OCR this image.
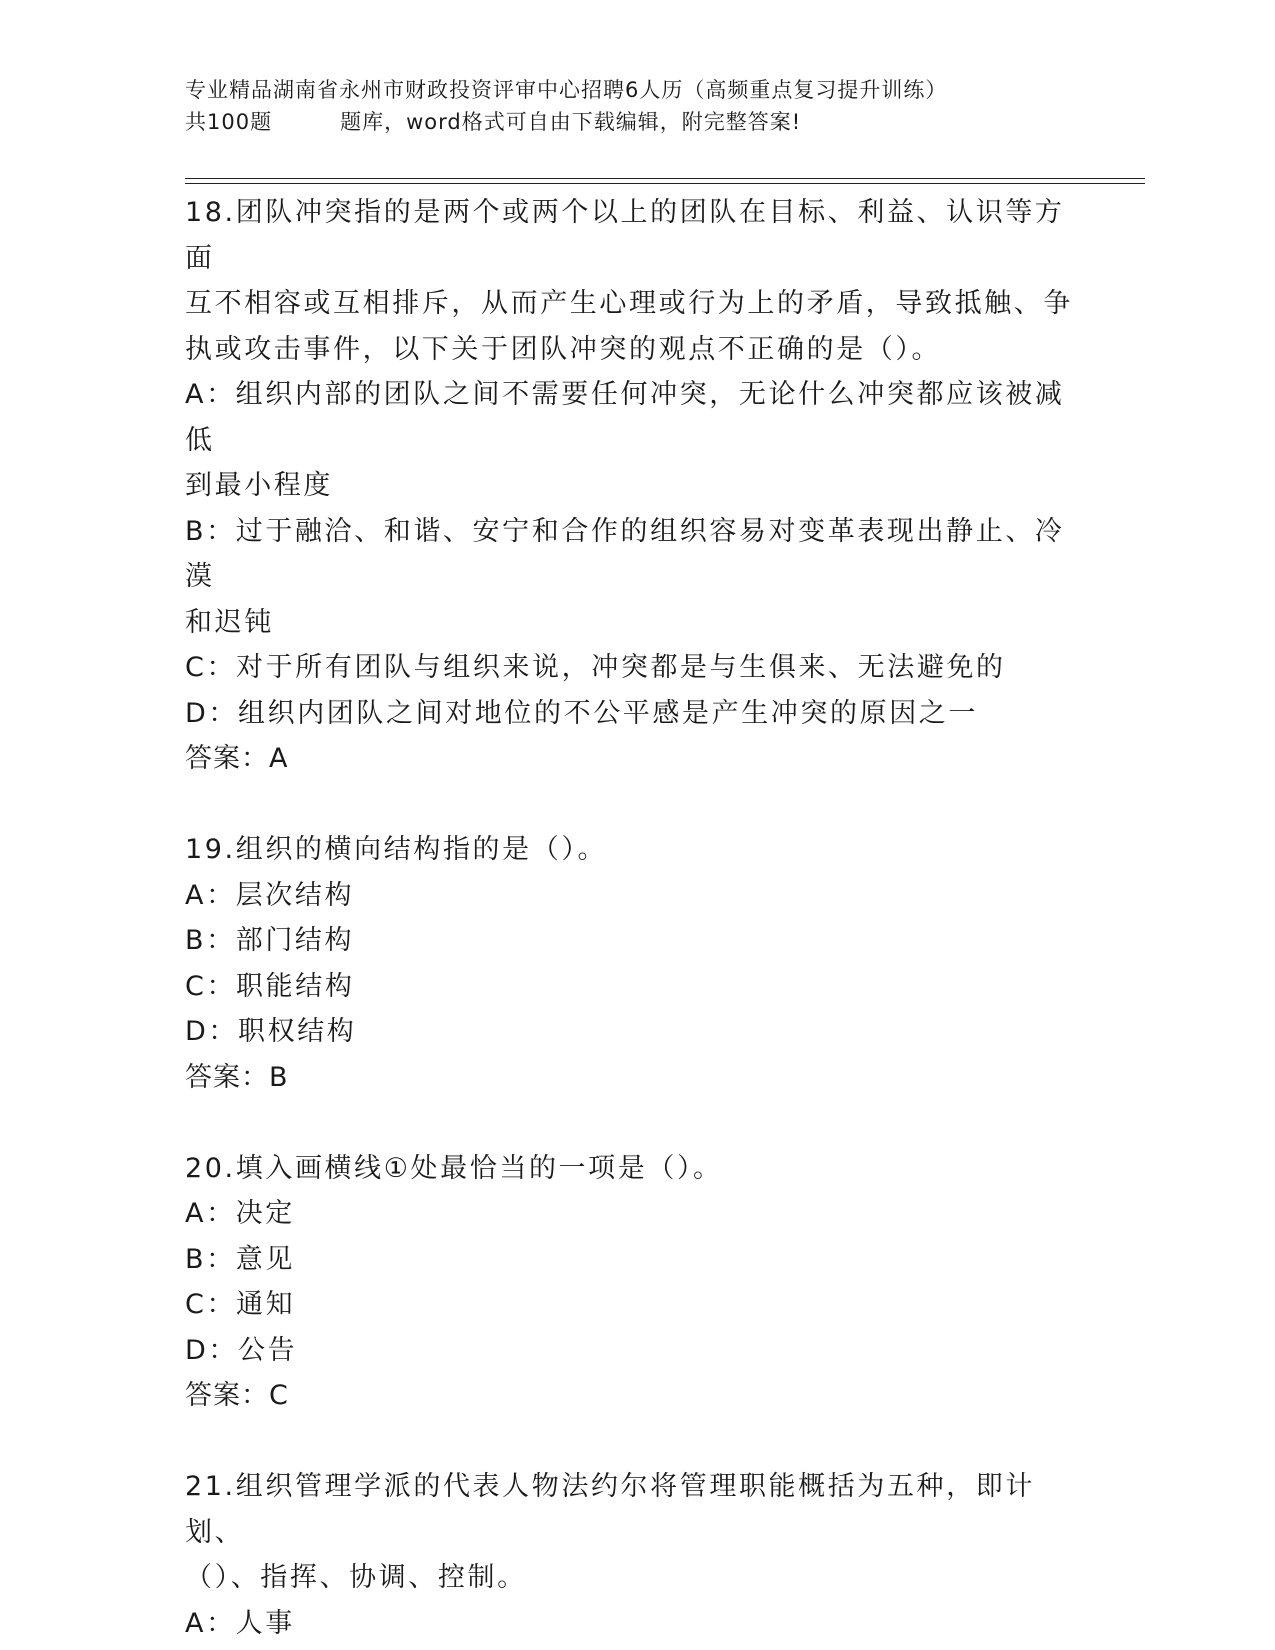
专业精品湖南省永州市财政投资评审中心招聘6人历（高频重点复习提升训练）
共100题	题库，word格式可自由下载编辑，附完整答案!
18.团队冲突指的是两个或两个以上的团队在目标、利益、认识等方面
互不相容或互相排斥，从而产生心理或行为上的矛盾，导致抵触、争
执或攻击事件，以下关于团队冲突的观点不正确的是（）。
A：组织内部的团队之间不需要任何冲突，无论什么冲突都应该被减低
到最小程度
B：过于融洽、和谐、安宁和合作的组织容易对变革表现出静止、冷漠
和迟钝
C：对于所有团队与组织来说，冲突都是与生俱来、无法避免的
D：组织内团队之间对地位的不公平感是产生冲突的原因之一
答案：A
19.组织的横向结构指的是（）。
A：层次结构
B：部门结构
C：职能结构
D：职权结构
答案：B
20.填入画横线①处最恰当的一项是（）。
A：决定
B：意见
C：通知
D：公告
答案：C
21.组织管理学派的代表人物法约尔将管理职能概括为五种，即计划、
（）、指挥、协调、控制。
A：人事
